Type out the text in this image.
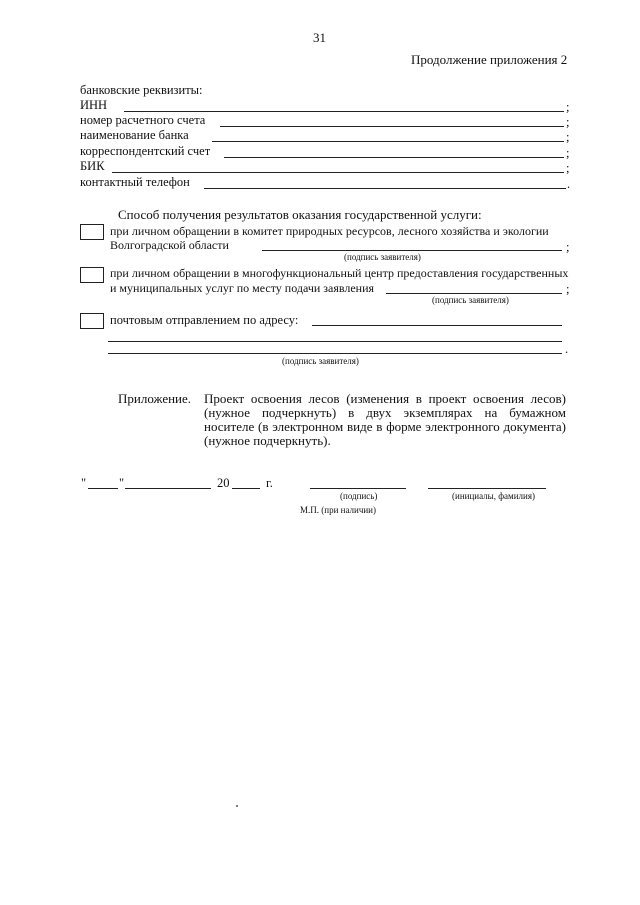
31
Продолжение приложения 2
банковские реквизиты:
ИНН	;
номер расчетного счета	;
наименование банка	;
корреспондентский счет	;
БИК	;
контактный телефон	.
Способ получения результатов оказания государственной услуги:
при личном обращении в комитет природных ресурсов, лесного хозяйства и экологии
Волгоградской области	;
(подпись заявителя)
при личном обращении в многофункциональный центр предоставления государственных
и муниципальных услуг по месту подачи заявления	;
(подпись заявителя)
почтовым отправлением по адресу:
.
(подпись заявителя)
Приложение. Проект освоения лесов (изменения в проект освоения лесов) (нужное подчеркнуть) в двух экземплярах на бумажном носителе (в электронном виде в форме электронного документа) (нужное подчеркнуть).
"	"	20	г.
(подпись)	(инициалы, фамилия)
М.П. (при наличии)
